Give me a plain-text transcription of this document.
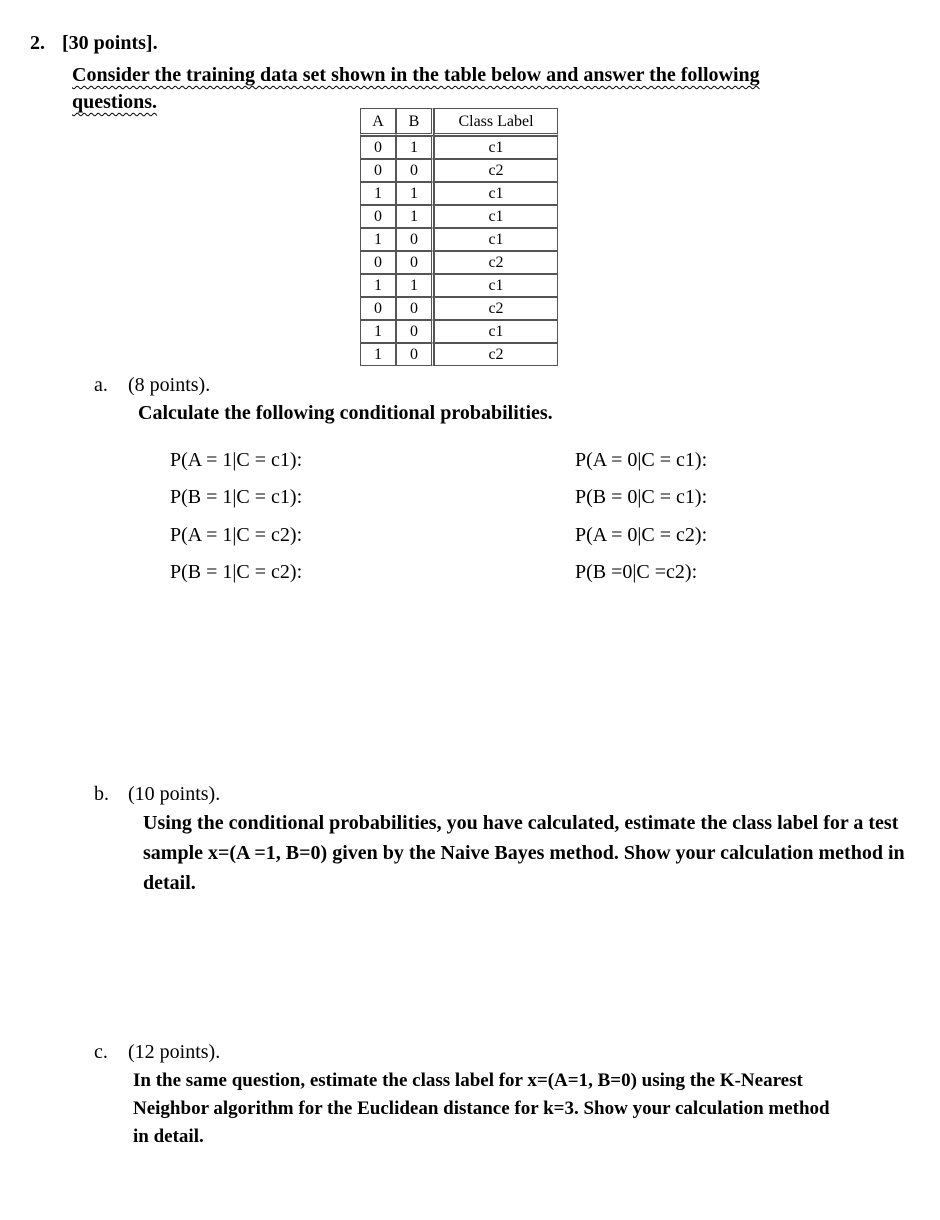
2. [30 points].
Consider the training data set shown in the table below and answer the following questions.
A	B	Class Label
0	1	c1
0	0	c2
1	1	c1
0	1	c1
1	0	c1
0	0	c2
1	1	c1
0	0	c2
1	0	c1
1	0	c2
a. (8 points).
Calculate the following conditional probabilities.
P(A = 1|C = c1):
P(B = 1|C = c1):
P(A = 1|C = c2):
P(B = 1|C = c2):
P(A = 0|C = c1):
P(B = 0|C = c1):
P(A = 0|C = c2):
P(B =0|C =c2):
b. (10 points).
Using the conditional probabilities, you have calculated, estimate the class label for a test sample x=(A =1, B=0) given by the Naive Bayes method. Show your calculation method in detail.
c. (12 points).
In the same question, estimate the class label for x=(A=1, B=0) using the K-Nearest Neighbor algorithm for the Euclidean distance for k=3. Show your calculation method in detail.
